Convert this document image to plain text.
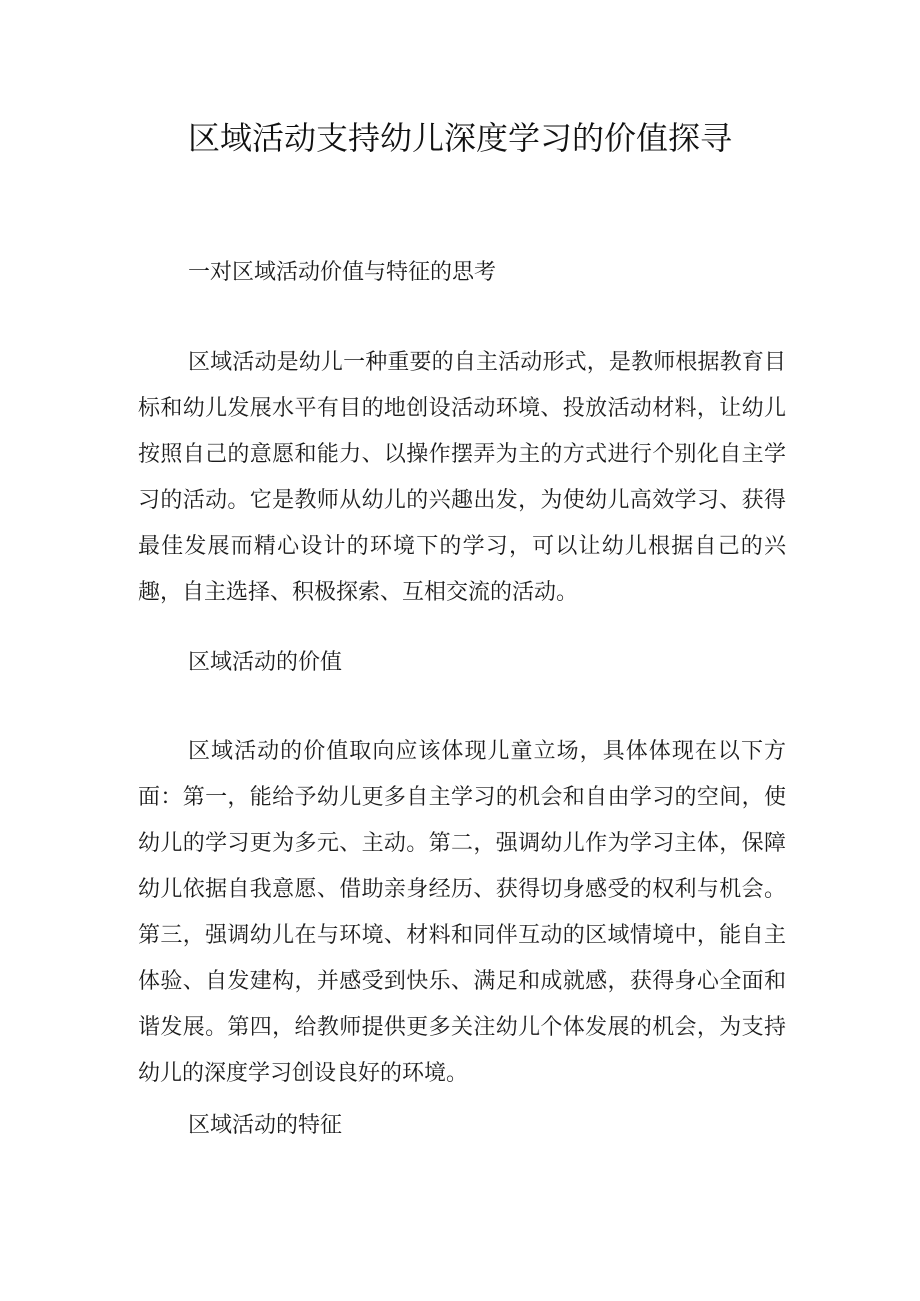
区域活动支持幼儿深度学习的价值探寻
一对区域活动价值与特征的思考

区域活动是幼儿一种重要的自主活动形式，是教师根据教育目标和幼儿发展水平有目的地创设活动环境、投放活动材料，让幼儿按照自己的意愿和能力、以操作摆弄为主的方式进行个别化自主学习的活动。它是教师从幼儿的兴趣出发，为使幼儿高效学习、获得最佳发展而精心设计的环境下的学习，可以让幼儿根据自己的兴趣，自主选择、积极探索、互相交流的活动。

区域活动的价值

区域活动的价值取向应该体现儿童立场，具体体现在以下方面：第一，能给予幼儿更多自主学习的机会和自由学习的空间，使幼儿的学习更为多元、主动。第二，强调幼儿作为学习主体，保障幼儿依据自我意愿、借助亲身经历、获得切身感受的权利与机会。第三，强调幼儿在与环境、材料和同伴互动的区域情境中，能自主体验、自发建构，并感受到快乐、满足和成就感，获得身心全面和谐发展。第四，给教师提供更多关注幼儿个体发展的机会，为支持幼儿的深度学习创设良好的环境。

区域活动的特征
